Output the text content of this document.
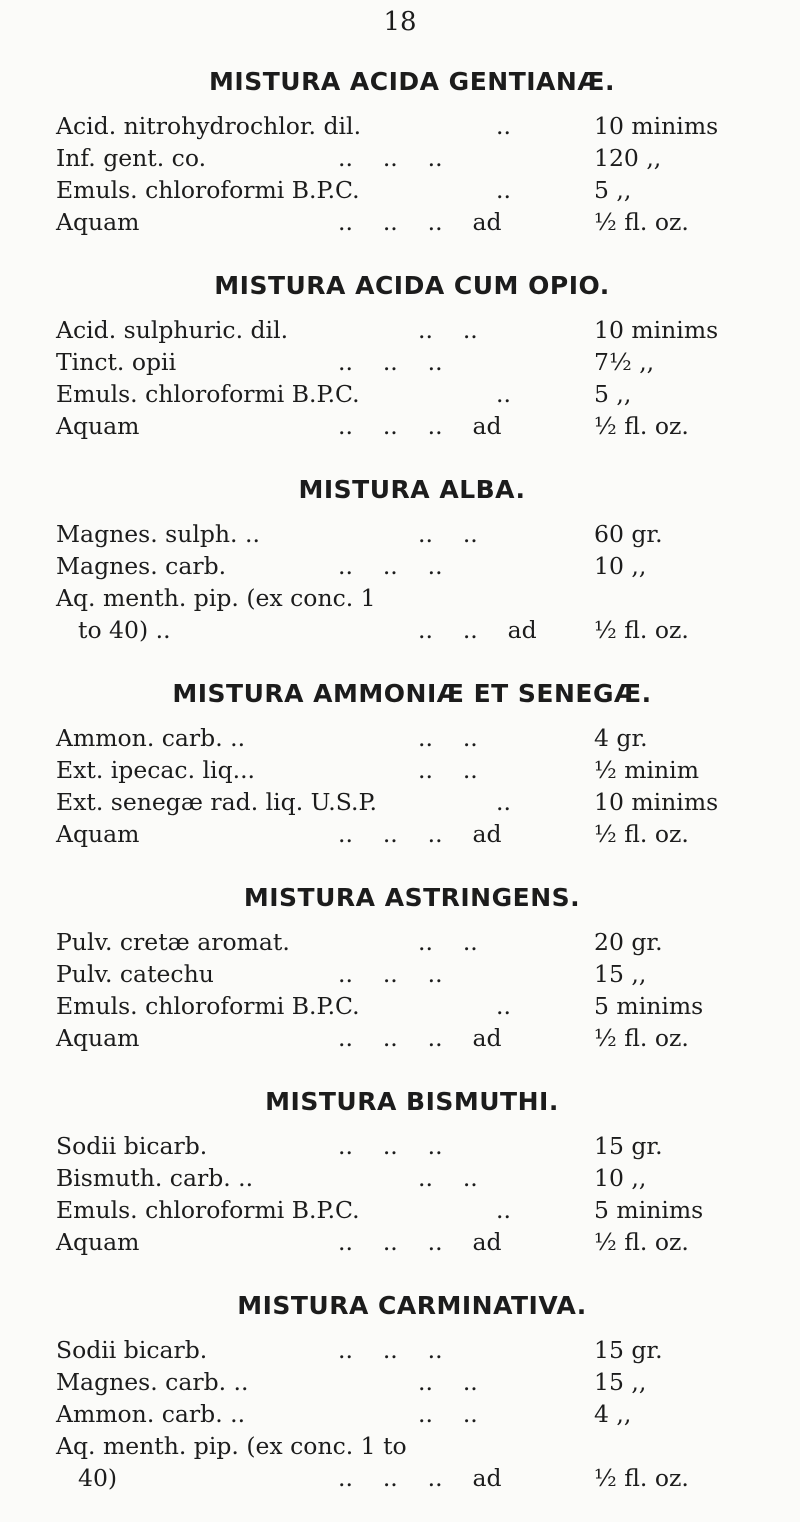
18
MISTURA ACIDA GENTIANÆ.
Acid. nitrohydrochlor. dil.	..	10 minims
Inf. gent. co.	..    ..    ..	120 ,,
Emuls. chloroformi B.P.C.	..	5 ,,
Aquam	..    ..    ..    ad	½ fl. oz.
MISTURA ACIDA CUM OPIO.
Acid. sulphuric. dil.	..    ..	10 minims
Tinct. opii	..    ..    ..	7½ ,,
Emuls. chloroformi B.P.C.	..	5 ,,
Aquam	..    ..    ..    ad	½ fl. oz.
MISTURA ALBA.
Magnes. sulph. ..	..    ..	60 gr.
Magnes. carb.	..    ..    ..	10 ,,
Aq. menth. pip. (ex conc. 1
to 40) ..	..    ..    ad ½ fl. oz.
MISTURA AMMONIÆ ET SENEGÆ.
Ammon. carb. ..	..    ..	4 gr.
Ext. ipecac. liq...	..    ..	½ minim
Ext. senegæ rad. liq. U.S.P.	..	10 minims
Aquam	..    ..    ..    ad	½ fl. oz.
MISTURA ASTRINGENS.
Pulv. cretæ aromat.	..    ..	20 gr.
Pulv. catechu	..    ..    ..	15 ,,
Emuls. chloroformi B.P.C.	..	5 minims
Aquam	..    ..    ..    ad	½ fl. oz.
MISTURA BISMUTHI.
Sodii bicarb.	..    ..    ..	15 gr.
Bismuth. carb. ..	..    ..	10 ,,
Emuls. chloroformi B.P.C.	..	5 minims
Aquam	..    ..    ..    ad	½ fl. oz.
MISTURA CARMINATIVA.
Sodii bicarb.	..    ..    ..	15 gr.
Magnes. carb. ..	..    ..	15 ,,
Ammon. carb. ..	..    ..	4 ,,
Aq. menth. pip. (ex conc. 1 to
40)	..    ..    ..    ad	½ fl. oz.
